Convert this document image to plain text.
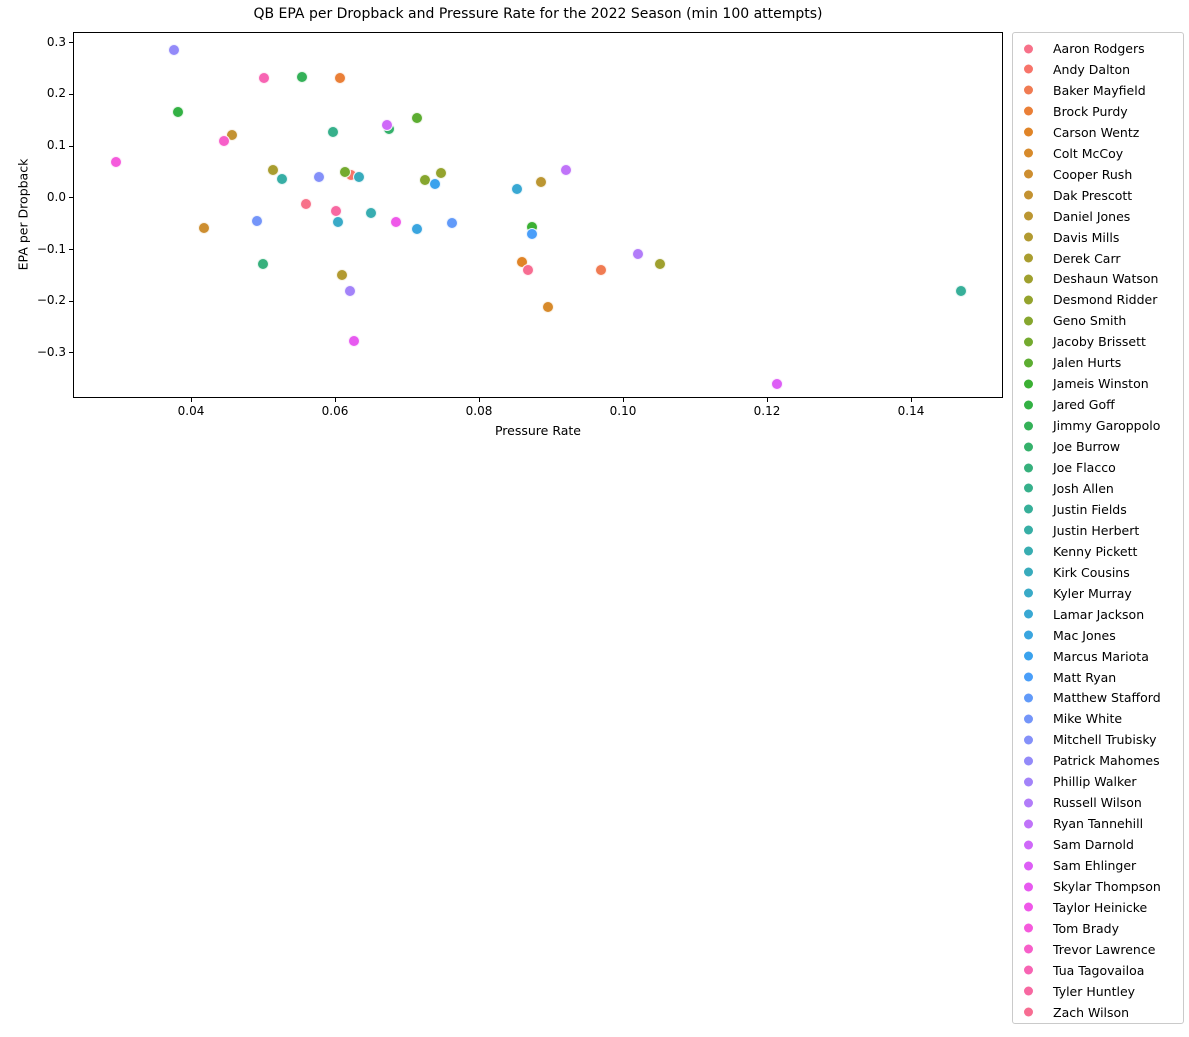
QB EPA per Dropback and Pressure Rate for the 2022 Season (min 100 attempts)
0.04	0.06	0.08	0.10	0.12	0.14
0.3
0.2
0.1
0.0
−0.1
−0.2
−0.3
Pressure Rate
EPA per Dropback
Aaron Rodgers
Andy Dalton
Baker Mayfield
Brock Purdy
Carson Wentz
Colt McCoy
Cooper Rush
Dak Prescott
Daniel Jones
Davis Mills
Derek Carr
Deshaun Watson
Desmond Ridder
Geno Smith
Jacoby Brissett
Jalen Hurts
Jameis Winston
Jared Goff
Jimmy Garoppolo
Joe Burrow
Joe Flacco
Josh Allen
Justin Fields
Justin Herbert
Kenny Pickett
Kirk Cousins
Kyler Murray
Lamar Jackson
Mac Jones
Marcus Mariota
Matt Ryan
Matthew Stafford
Mike White
Mitchell Trubisky
Patrick Mahomes
Phillip Walker
Russell Wilson
Ryan Tannehill
Sam Darnold
Sam Ehlinger
Skylar Thompson
Taylor Heinicke
Tom Brady
Trevor Lawrence
Tua Tagovailoa
Tyler Huntley
Zach Wilson
